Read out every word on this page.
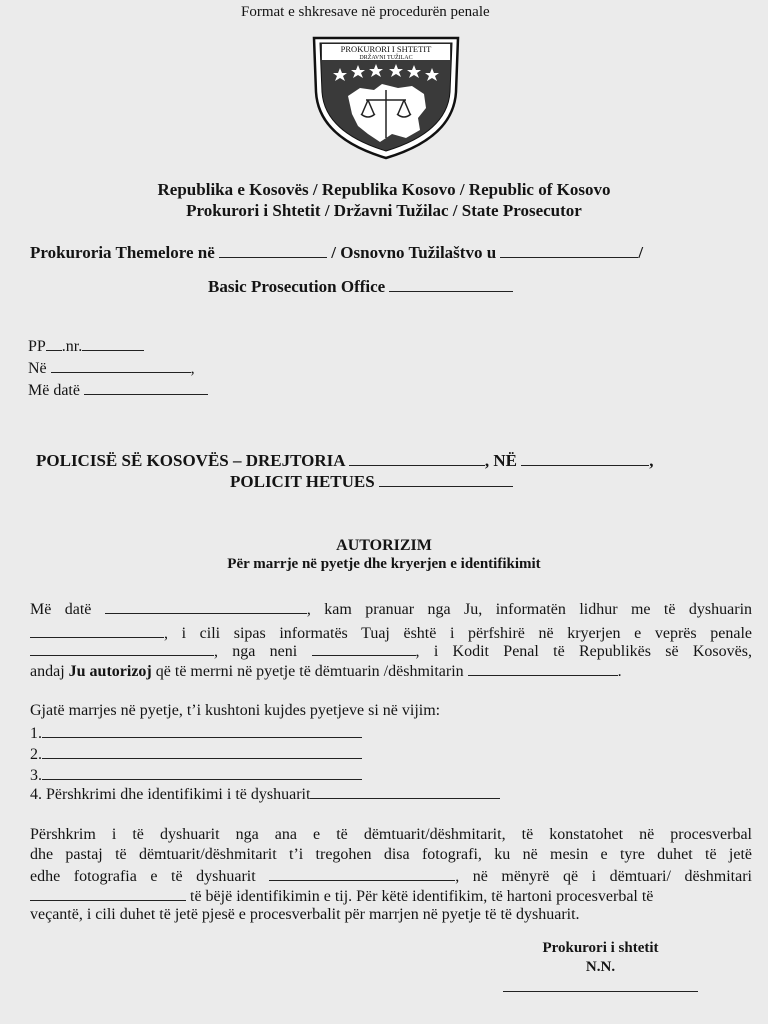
Format e shkresave në procedurën penale
PROKURORI I SHTETIT
DRŽAVNI TUŽILAC
Republika e Kosovës / Republika Kosovo / Republic of Kosovo
Prokurori i Shtetit / Državni Tužilac / State Prosecutor
Prokuroria Themelore në	/ Osnovno Tužilaštvo u	/
Basic Prosecution Office
PP .nr.
Në	,
Më datë
POLICISË SË KOSOVËS – DREJTORIA	, NË	,
POLICIT HETUES
AUTORIZIM
Për marrje në pyetje dhe kryerjen e identifikimit
Më datë	, kam pranuar nga Ju, informatën lidhur me të dyshuarin
, i cili sipas informatës Tuaj është i përfshirë në kryerjen e veprës penale
, nga neni	, i Kodit Penal të Republikës së Kosovës,
andaj Ju autorizoj që të merrni në pyetje të dëmtuarin /dëshmitarin	.
Gjatë marrjes në pyetje, t’i kushtoni kujdes pyetjeve si në vijim:
1.
2.
3.
4. Përshkrimi dhe identifikimi i të dyshuarit
Përshkrim i të dyshuarit nga ana e të dëmtuarit/dëshmitarit, të konstatohet në procesverbal
dhe pastaj të dëmtuarit/dëshmitarit t’i tregohen disa fotografi, ku në mesin e tyre duhet të jetë
edhe fotografia e të dyshuarit	, në mënyrë që i dëmtuari/ dëshmitari
të bëjë identifikimin e tij. Për këtë identifikim, të hartoni procesverbal të
veçantë, i cili duhet të jetë pjesë e procesverbalit për marrjen në pyetje të të dyshuarit.
Prokurori i shtetit
N.N.
